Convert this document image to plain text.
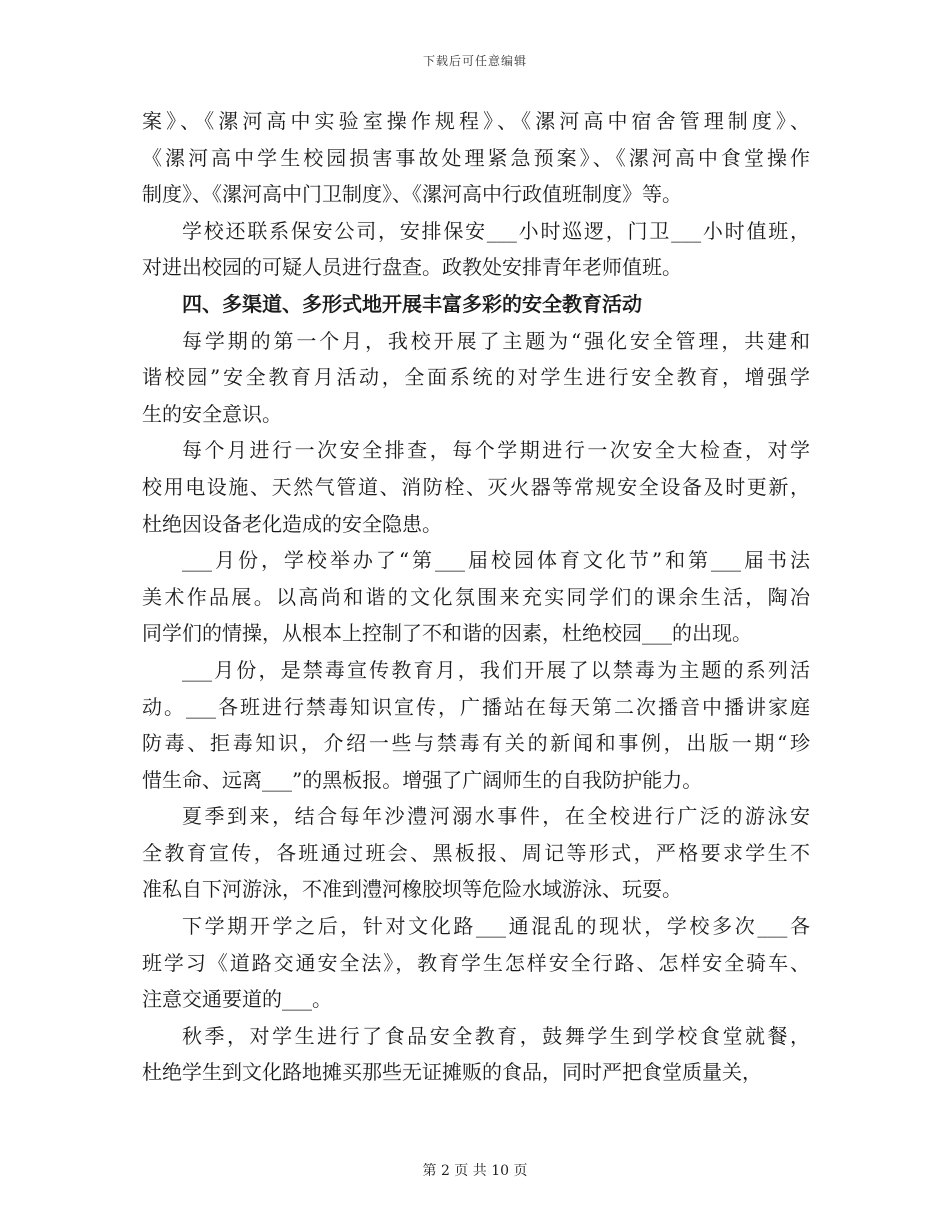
下载后可任意编辑
案》、《漯河高中实验室操作规程》、《漯河高中宿舍管理制度》、
《漯河高中学生校园损害事故处理紧急预案》、《漯河高中食堂操作
制度》、《漯河高中门卫制度》、《漯河高中行政值班制度》等。
学校还联系保安公司，安排保安___小时巡逻，门卫___小时值班，
对进出校园的可疑人员进行盘查。政教处安排青年老师值班。
四、多渠道、多形式地开展丰富多彩的安全教育活动
每学期的第一个月，我校开展了主题为“强化安全管理，共建和
谐校园”安全教育月活动，全面系统的对学生进行安全教育，增强学
生的安全意识。
每个月进行一次安全排查，每个学期进行一次安全大检查，对学
校用电设施、天然气管道、消防栓、灭火器等常规安全设备及时更新，
杜绝因设备老化造成的安全隐患。
___月份，学校举办了“第___届校园体育文化节”和第___届书法
美术作品展。以高尚和谐的文化氛围来充实同学们的课余生活，陶冶
同学们的情操，从根本上控制了不和谐的因素，杜绝校园___的出现。
___月份，是禁毒宣传教育月，我们开展了以禁毒为主题的系列活
动。___各班进行禁毒知识宣传，广播站在每天第二次播音中播讲家庭
防毒、拒毒知识，介绍一些与禁毒有关的新闻和事例，出版一期“珍
惜生命、远离___”的黑板报。增强了广阔师生的自我防护能力。
夏季到来，结合每年沙澧河溺水事件，在全校进行广泛的游泳安
全教育宣传，各班通过班会、黑板报、周记等形式，严格要求学生不
准私自下河游泳，不准到澧河橡胶坝等危险水域游泳、玩耍。
下学期开学之后，针对文化路___通混乱的现状，学校多次___各
班学习《道路交通安全法》，教育学生怎样安全行路、怎样安全骑车、
注意交通要道的___。
秋季，对学生进行了食品安全教育，鼓舞学生到学校食堂就餐，
杜绝学生到文化路地摊买那些无证摊贩的食品，同时严把食堂质量关，
第 2 页 共 10 页
